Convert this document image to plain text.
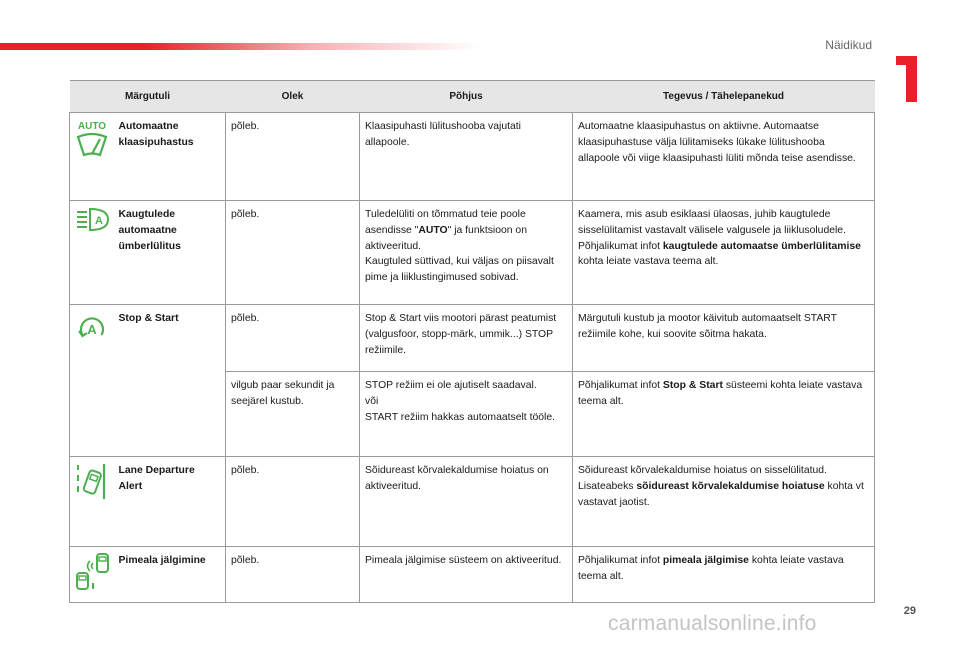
Näidikud
Märgutuli		Olek	Põhjus	Tegevus / Tähelepanekud

AUTO	Automaatne klaasipuhastus	põleb.	Klaasipuhasti lülitushooba vajutati allapoole.	Automaatne klaasipuhastus on aktiivne. Automaatse klaasipuhastuse välja lülitamiseks lükake lülitushooba allapoole või viige klaasipuhasti lüliti mõnda teise asendisse.

A	Kaugtulede automaatne ümberlülitus	põleb.	Tuledelüliti on tõmmatud teie poole asendisse "AUTO" ja funktsioon on aktiveeritud.
Kaugtuled süttivad, kui väljas on piisavalt pime ja liiklustingimused sobivad.	Kaamera, mis asub esiklaasi ülaosas, juhib kaugtulede sisselülitamist vastavalt välisele valgusele ja liiklusoludele.
Põhjalikumat infot kaugtulede automaatse ümberlülitamise kohta leiate vastava teema alt.

A	Stop & Start	põleb.	Stop & Start viis mootori pärast peatumist (valgusfoor, stopp-märk, ummik...) STOP režiimile.	Märgutuli kustub ja mootor käivitub automaatselt START režiimile kohe, kui soovite sõitma hakata.
		vilgub paar sekundit ja seejärel kustub.	STOP režiim ei ole ajutiselt saadaval.
või
START režiim hakkas automaatselt tööle.	Põhjalikumat infot Stop & Start süsteemi kohta leiate vastava teema alt.

	Lane Departure Alert	põleb.	Sõidureast kõrvalekaldumise hoiatus on aktiveeritud.	Sõidureast kõrvalekaldumise hoiatus on sisselülitatud.
Lisateabeks sõidureast kõrvalekaldumise hoiatuse kohta vt vastavat jaotist.

	Pimeala jälgimine	põleb.	Pimeala jälgimise süsteem on aktiveeritud.	Põhjalikumat infot pimeala jälgimise kohta leiate vastava teema alt.
29
carmanualsonline.info
